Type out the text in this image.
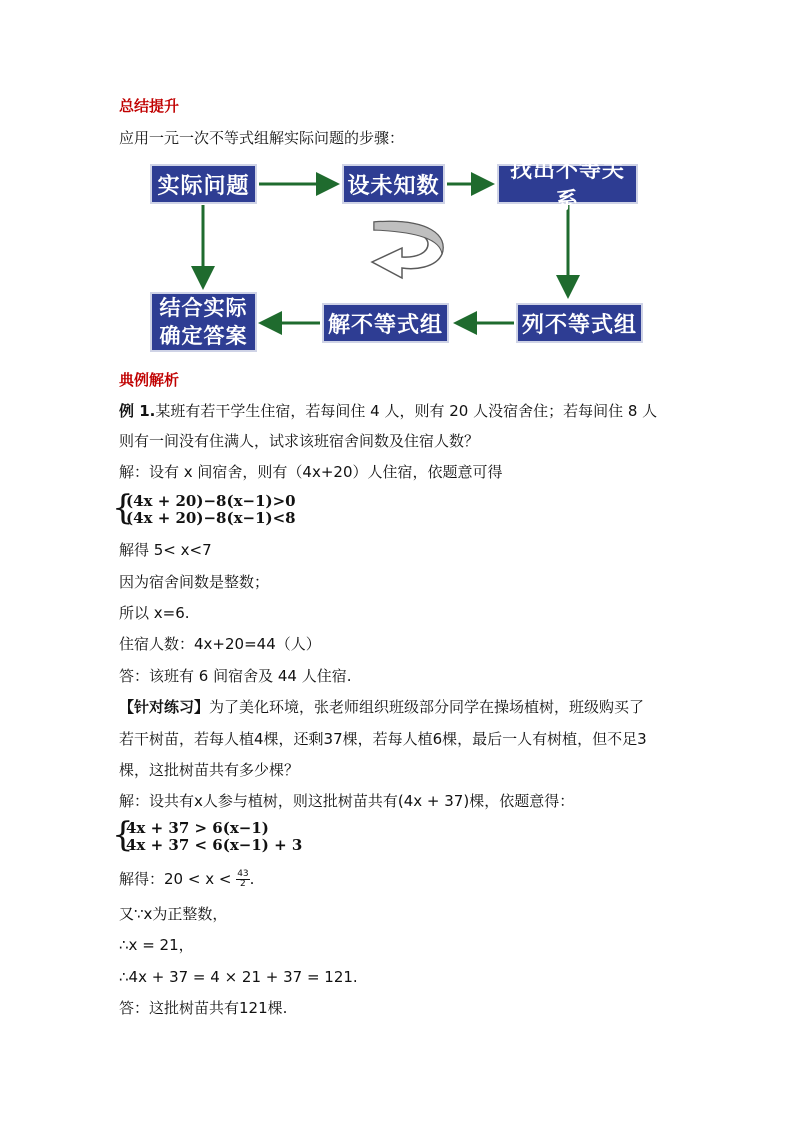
总结提升
应用一元一次不等式组解实际问题的步骤：
实际问题	设未知数
找出不等关系
列不等式组
解不等式组
结合实际
确定答案
典例解析
例 1.某班有若干学生住宿，若每间住 4 人，则有 20 人没宿舍住；若每间住 8 人
则有一间没有住满人，试求该班宿舍间数及住宿人数？
解：设有 x 间宿舍，则有（4x+20）人住宿，依题意可得
{
(4x + 20)−8(x−1)>0
(4x + 20)−8(x−1)<8
解得 5< x<7
因为宿舍间数是整数；
所以 x=6.
住宿人数：4x+20=44（人）
答：该班有 6 间宿舍及 44 人住宿.
【针对练习】为了美化环境，张老师组织班级部分同学在操场植树，班级购买了
若干树苗，若每人植4棵，还剩37棵，若每人植6棵，最后一人有树植，但不足3
棵，这批树苗共有多少棵？
解：设共有x人参与植树，则这批树苗共有(4x + 37)棵，依题意得：
{
4x + 37 > 6(x−1)
4x + 37 < 6(x−1) + 3
解得：$20 < x < \frac{43}{2}$ .
又∵x为正整数，
∴x = 21，
∴4x + 37 = 4 × 21 + 37 = 121.
答：这批树苗共有121棵.
